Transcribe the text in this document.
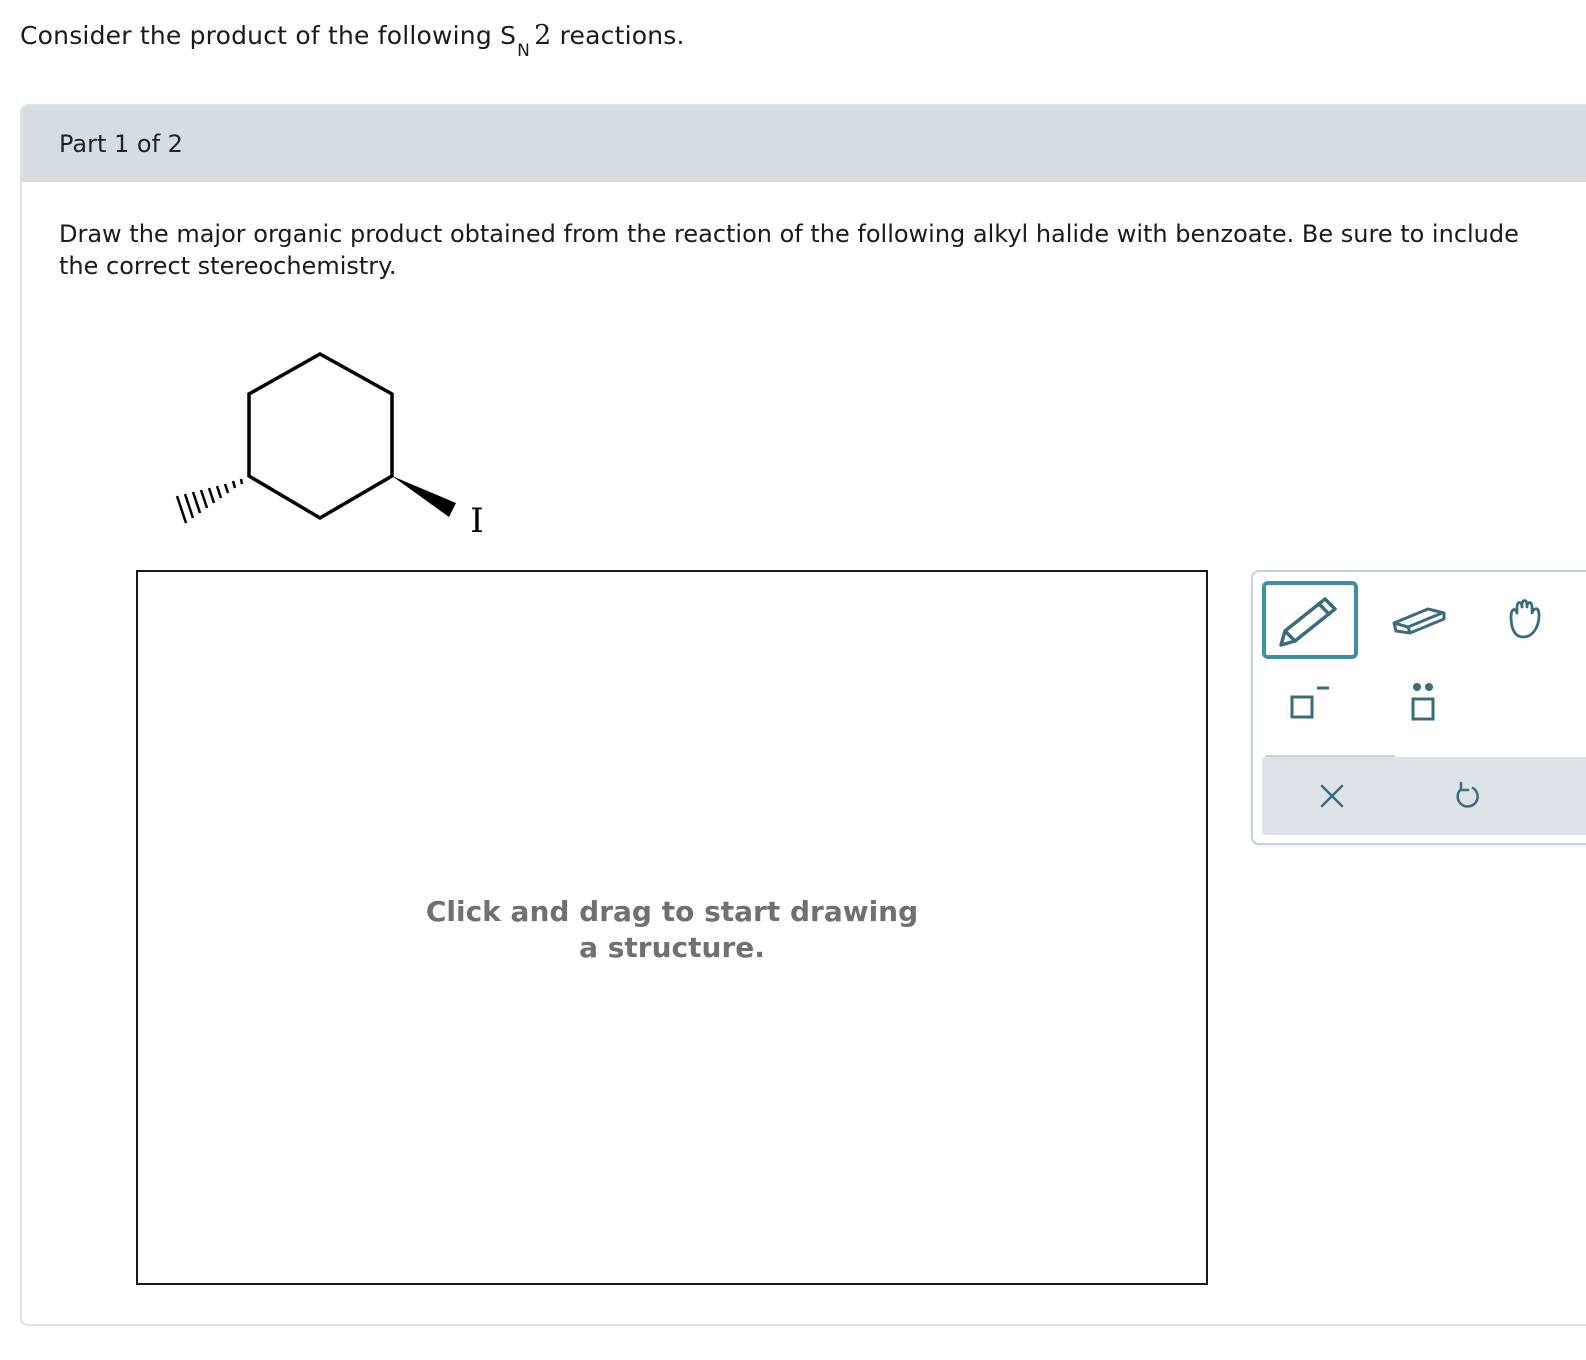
Consider the product of the following $S_N$ 2 reactions.
Part 1 of 2
Draw the major organic product obtained from the reaction of the following alkyl halide with benzoate. Be sure to include the correct stereochemistry.
I
Click and drag to start drawing
a structure.
